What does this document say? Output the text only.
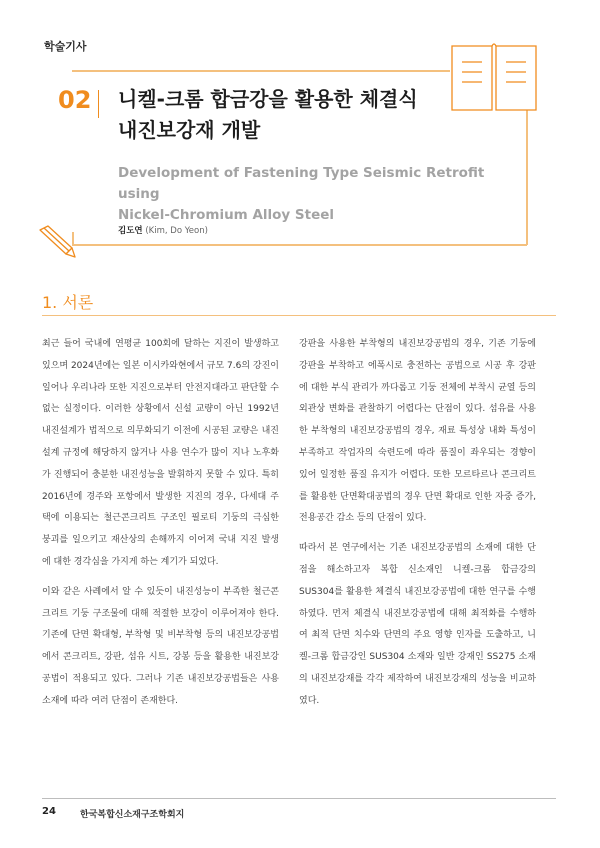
학술기사
02 니켈-크롬 합금강을 활용한 체결식
내진보강재 개발
Development of Fastening Type Seismic Retrofit using
Nickel-Chromium Alloy Steel
김도연 (Kim, Do Yeon)
1. 서론

최근 들어 국내에 연평균 100회에 달하는 지진이 발생하고 있으며 2024년에는 일본 이시카와현에서 규모 7.6의 강진이 일어나 우리나라 또한 지진으로부터 안전지대라고 판단할 수 없는 실정이다. 이러한 상황에서 신설 교량이 아닌 1992년 내진설계가 법적으로 의무화되기 이전에 시공된 교량은 내진설계 규정에 해당하지 않거나 사용 연수가 많이 지나 노후화가 진행되어 충분한 내진성능을 발휘하지 못할 수 있다. 특히 2016년에 경주와 포항에서 발생한 지진의 경우, 다세대 주택에 이용되는 철근콘크리트 구조인 필로티 기둥의 극심한 붕괴를 일으키고 재산상의 손해까지 이어져 국내 지진 발생에 대한 경각심을 가지게 하는 계기가 되었다.

이와 같은 사례에서 알 수 있듯이 내진성능이 부족한 철근콘크리트 기둥 구조물에 대해 적절한 보강이 이루어져야 한다. 기존에 단면 확대형, 부착형 및 비부착형 등의 내진보강공법에서 콘크리트, 강판, 섬유 시트, 강봉 등을 활용한 내진보강공법이 적용되고 있다. 그러나 기존 내진보강공법들은 사용 소재에 따라 여러 단점이 존재한다.

강판을 사용한 부착형의 내진보강공법의 경우, 기존 기둥에 강판을 부착하고 에폭시로 충전하는 공법으로 시공 후 강판에 대한 부식 관리가 까다롭고 기둥 전체에 부착시 균열 등의 외관상 변화를 관찰하기 어렵다는 단점이 있다. 섬유를 사용한 부착형의 내진보강공법의 경우, 재료 특성상 내화 특성이 부족하고 작업자의 숙련도에 따라 품질이 좌우되는 경향이 있어 일정한 품질 유지가 어렵다. 또한 모르타르나 콘크리트를 활용한 단면확대공법의 경우 단면 확대로 인한 자중 증가, 전용공간 감소 등의 단점이 있다.

따라서 본 연구에서는 기존 내진보강공법의 소재에 대한 단점을 해소하고자 복합 신소재인 니켈-크롬 합금강의 SUS304를 활용한 체결식 내진보강공법에 대한 연구를 수행하였다. 먼저 체결식 내진보강공법에 대해 최적화를 수행하여 최적 단면 치수와 단면의 주요 영향 인자를 도출하고, 니켈-크롬 합금강인 SUS304 소재와 일반 강재인 SS275 소재의 내진보강재를 각각 제작하여 내진보강재의 성능을 비교하였다.

24	한국복합신소재구조학회지
